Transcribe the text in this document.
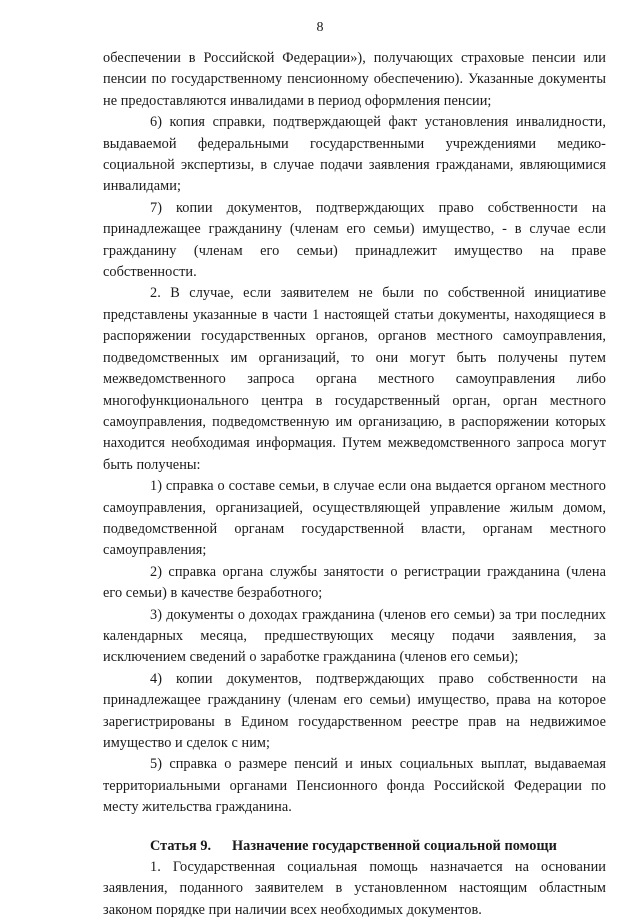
8

обеспечении в Российской Федерации»), получающих страховые пенсии или пенсии по государственному пенсионному обеспечению). Указанные документы не предоставляются инвалидами в период оформления пенсии;

6) копия справки, подтверждающей факт установления инвалидности, выдаваемой федеральными государственными учреждениями медико-социальной экспертизы, в случае подачи заявления гражданами, являющимися инвалидами;

7) копии документов, подтверждающих право собственности на принадлежащее гражданину (членам его семьи) имущество, - в случае если гражданину (членам его семьи) принадлежит имущество на праве собственности.

2. В случае, если заявителем не были по собственной инициативе представлены указанные в части 1 настоящей статьи документы, находящиеся в распоряжении государственных органов, органов местного самоуправления, подведомственных им организаций, то они могут быть получены путем межведомственного запроса органа местного самоуправления либо многофункционального центра в государственный орган, орган местного самоуправления, подведомственную им организацию, в распоряжении которых находится необходимая информация. Путем межведомственного запроса могут быть получены:

1) справка о составе семьи, в случае если она выдается органом местного самоуправления, организацией, осуществляющей управление жилым домом, подведомственной органам государственной власти, органам местного самоуправления;

2) справка органа службы занятости о регистрации гражданина (члена его семьи) в качестве безработного;

3) документы о доходах гражданина (членов его семьи) за три последних календарных месяца, предшествующих месяцу подачи заявления, за исключением сведений о заработке гражданина (членов его семьи);

4) копии документов, подтверждающих право собственности на принадлежащее гражданину (членам его семьи) имущество, права на которое зарегистрированы в Едином государственном реестре прав на недвижимое имущество и сделок с ним;

5) справка о размере пенсий и иных социальных выплат, выдаваемая территориальными органами Пенсионного фонда Российской Федерации по месту жительства гражданина.

Статья 9. Назначение государственной социальной помощи

1. Государственная социальная помощь назначается на основании заявления, поданного заявителем в установленном настоящим областным законом порядке при наличии всех необходимых документов.
